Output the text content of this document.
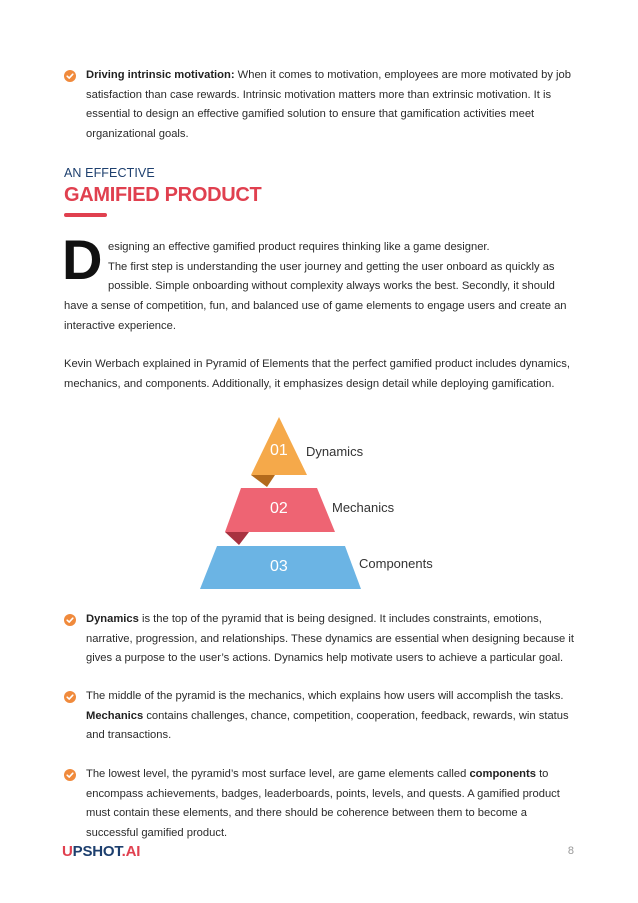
Driving intrinsic motivation: When it comes to motivation, employees are more motivated by job satisfaction than case rewards. Intrinsic motivation matters more than extrinsic motivation. It is essential to design an effective gamified solution to ensure that gamification activities meet organizational goals.

AN EFFECTIVE
GAMIFIED PRODUCT
D esigning an effective gamified product requires thinking like a game designer.
The first step is understanding the user journey and getting the user onboard as quickly as
possible. Simple onboarding without complexity always works the best. Secondly, it should

have a sense of competition, fun, and balanced use of game elements to engage users and create an interactive experience.

Kevin Werbach explained in Pyramid of Elements that the perfect gamified product includes dynamics, mechanics, and components. Additionally, it emphasizes design detail while deploying gamification.

01
02
03
Dynamics
Mechanics
Components

Dynamics is the top of the pyramid that is being designed. It includes constraints, emotions, narrative, progression, and relationships. These dynamics are essential when designing because it gives a purpose to the user’s actions. Dynamics help motivate users to achieve a particular goal.

The middle of the pyramid is the mechanics, which explains how users will accomplish the tasks. Mechanics contains challenges, chance, competition, cooperation, feedback, rewards, win status and transactions.

The lowest level, the pyramid’s most surface level, are game elements called components to encompass achievements, badges, leaderboards, points, levels, and quests. A gamified product must contain these elements, and there should be coherence between them to become a successful gamified product.

UPSHOT.AI	8
